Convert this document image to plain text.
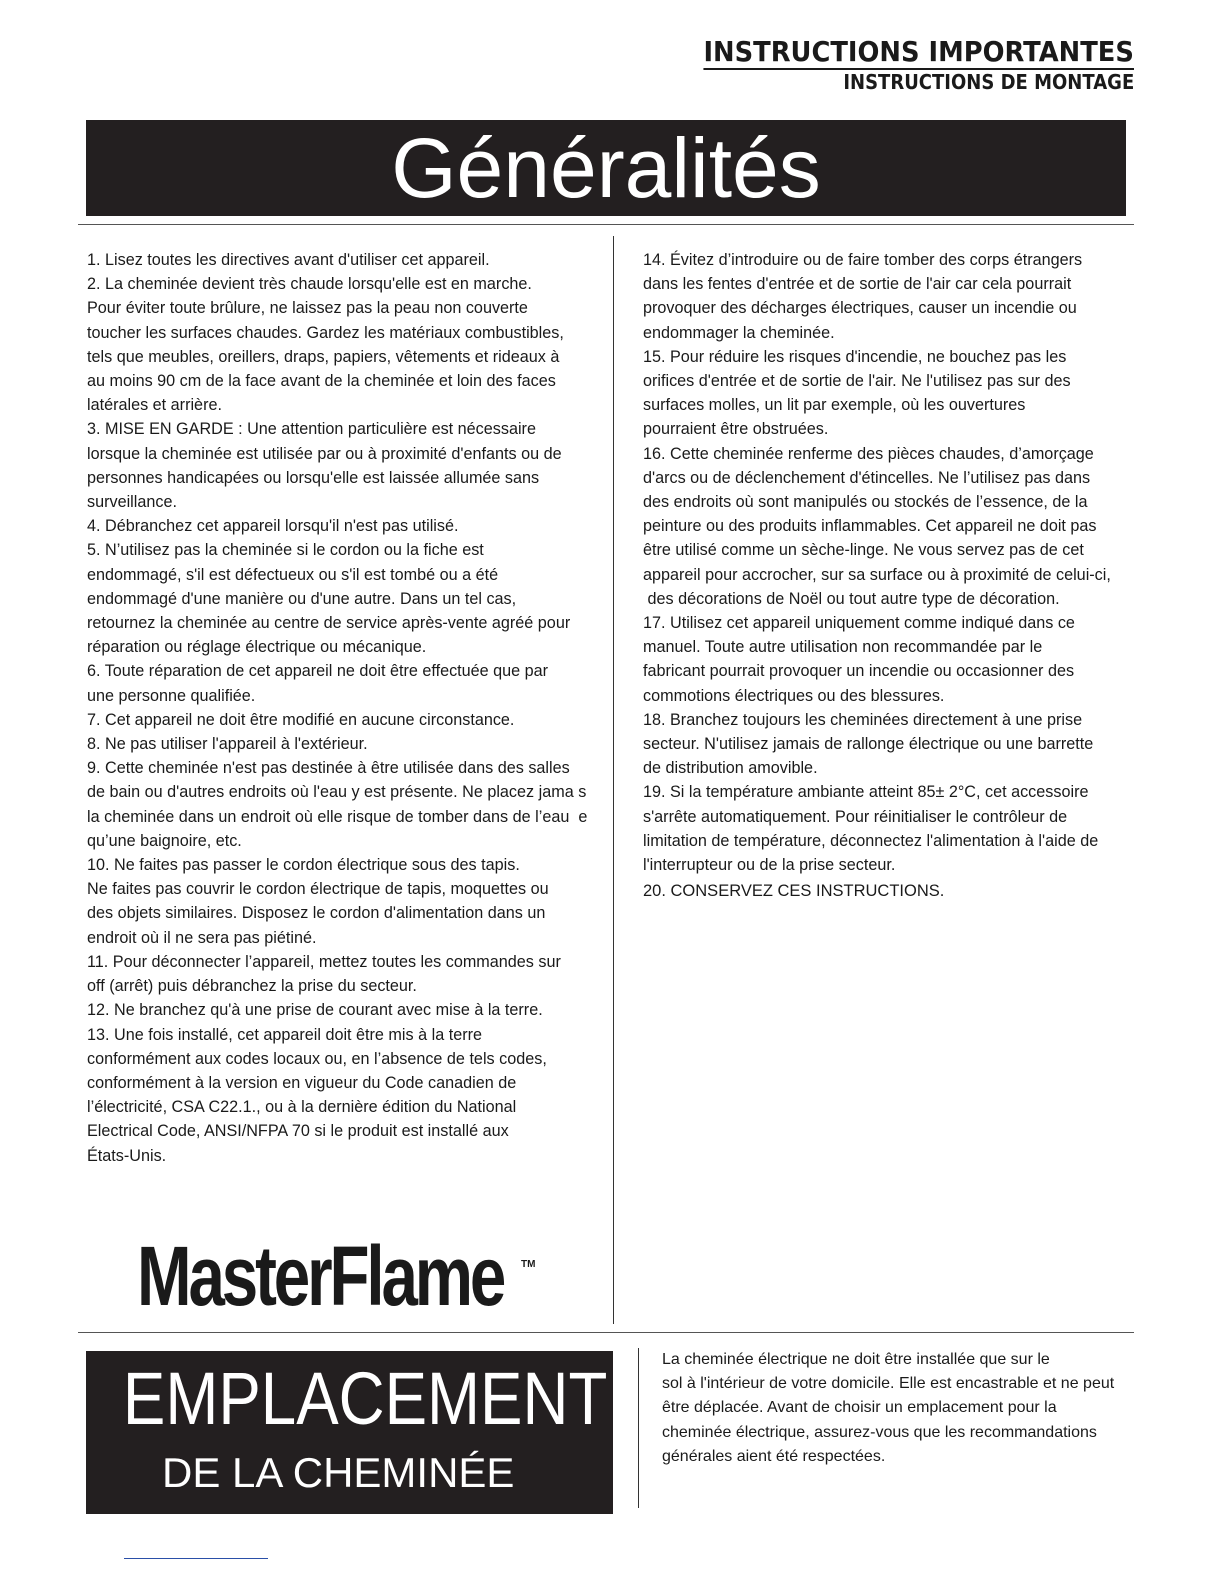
INSTRUCTIONS IMPORTANTES
INSTRUCTIONS DE MONTAGE
Généralités

1. Lisez toutes les directives avant d'utiliser cet appareil.

2. La cheminée devient très chaude lorsqu'elle est en marche.

Pour éviter toute brûlure, ne laissez pas la peau non couverte

toucher les surfaces chaudes. Gardez les matériaux combustibles,

tels que meubles, oreillers, draps, papiers, vêtements et rideaux à

au moins 90 cm de la face avant de la cheminée et loin des faces

latérales et arrière.

3. MISE EN GARDE : Une attention particulière est nécessaire

lorsque la cheminée est utilisée par ou à proximité d'enfants ou de

personnes handicapées ou lorsqu'elle est laissée allumée sans

surveillance.

4. Débranchez cet appareil lorsqu'il n'est pas utilisé.

5. N’utilisez pas la cheminée si le cordon ou la fiche est

endommagé, s'il est défectueux ou s'il est tombé ou a été

endommagé d'une manière ou d'une autre. Dans un tel cas,

retournez la cheminée au centre de service après-vente agréé pour

réparation ou réglage électrique ou mécanique.

6. Toute réparation de cet appareil ne doit être effectuée que par

une personne qualifiée.

7. Cet appareil ne doit être modifié en aucune circonstance.

8. Ne pas utiliser l'appareil à l'extérieur.

9. Cette cheminée n'est pas destinée à être utilisée dans des salles

de bain ou d'autres endroits où l'eau y est présente. Ne placez jama s

la cheminée dans un endroit où elle risque de tomber dans de l’eau  e

qu’une baignoire, etc.

10. Ne faites pas passer le cordon électrique sous des tapis.

Ne faites pas couvrir le cordon électrique de tapis, moquettes ou

des objets similaires. Disposez le cordon d'alimentation dans un

endroit où il ne sera pas piétiné.

11. Pour déconnecter l’appareil, mettez toutes les commandes sur

off (arrêt) puis débranchez la prise du secteur.

12. Ne branchez qu'à une prise de courant avec mise à la terre.

13. Une fois installé, cet appareil doit être mis à la terre

conformément aux codes locaux ou, en l’absence de tels codes,

conformément à la version en vigueur du Code canadien de

l’électricité, CSA C22.1., ou à la dernière édition du National

Electrical Code, ANSI/NFPA 70 si le produit est installé aux

États-Unis.

14. Évitez d’introduire ou de faire tomber des corps étrangers

dans les fentes d'entrée et de sortie de l'air car cela pourrait

provoquer des décharges électriques, causer un incendie ou

endommager la cheminée.

15. Pour réduire les risques d'incendie, ne bouchez pas les

orifices d'entrée et de sortie de l'air. Ne l'utilisez pas sur des

surfaces molles, un lit par exemple, où les ouvertures

pourraient être obstruées.

16. Cette cheminée renferme des pièces chaudes, d’amorçage

d'arcs ou de déclenchement d'étincelles. Ne l’utilisez pas dans

des endroits où sont manipulés ou stockés de l’essence, de la

peinture ou des produits inflammables. Cet appareil ne doit pas

être utilisé comme un sèche-linge. Ne vous servez pas de cet

appareil pour accrocher, sur sa surface ou à proximité de celui-ci,

des décorations de Noël ou tout autre type de décoration.

17. Utilisez cet appareil uniquement comme indiqué dans ce

manuel. Toute autre utilisation non recommandée par le

fabricant pourrait provoquer un incendie ou occasionner des

commotions électriques ou des blessures.

18. Branchez toujours les cheminées directement à une prise

secteur. N'utilisez jamais de rallonge électrique ou une barrette

de distribution amovible.

19. Si la température ambiante atteint 85± 2°C, cet accessoire

s'arrête automatiquement. Pour réinitialiser le contrôleur de

limitation de température, déconnectez l'alimentation à l'aide de

l'interrupteur ou de la prise secteur.

20. CONSERVEZ CES INSTRUCTIONS.

MasterFlame TM
EMPLACEMENT
DE LA CHEMINÉE

La cheminée électrique ne doit être installée que sur le

sol à l'intérieur de votre domicile. Elle est encastrable et ne peut

être déplacée. Avant de choisir un emplacement pour la

cheminée électrique, assurez-vous que les recommandations

générales aient été respectées.
